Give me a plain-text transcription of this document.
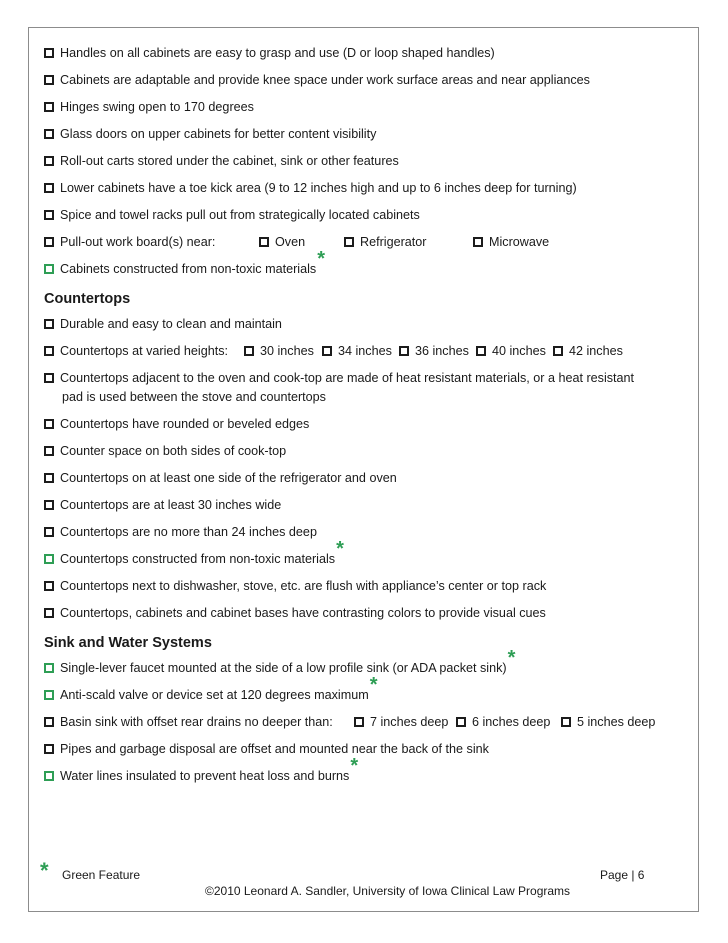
Handles on all cabinets are easy to grasp and use (D or loop shaped handles)
Cabinets are adaptable and provide knee space under work surface areas and near appliances
Hinges swing open to 170 degrees
Glass doors on upper cabinets for better content visibility
Roll-out carts stored under the cabinet, sink or other features
Lower cabinets have a toe kick area (9 to 12 inches high and up to 6 inches deep for turning)
Spice and towel racks pull out from strategically located cabinets
Pull-out work board(s) near:	Oven	Refrigerator	Microwave
Cabinets constructed from non-toxic materials*
Countertops
Durable and easy to clean and maintain
Countertops at varied heights:	30 inches	34 inches	36 inches	40 inches	42 inches
Countertops adjacent to the oven and cook-top are made of heat resistant materials, or a heat resistant
pad is used between the stove and countertops
Countertops have rounded or beveled edges
Counter space on both sides of cook-top
Countertops on at least one side of the refrigerator and oven
Countertops are at least 30 inches wide
Countertops are no more than 24 inches deep
Countertops constructed from non-toxic materials*
Countertops next to dishwasher, stove, etc. are flush with appliance’s center or top rack
Countertops, cabinets and cabinet bases have contrasting colors to provide visual cues
Sink and Water Systems
Single-lever faucet mounted at the side of a low profile sink (or ADA packet sink)*
Anti-scald valve or device set at 120 degrees maximum*
Basin sink with offset rear drains no deeper than:	7 inches deep	6 inches deep	5 inches deep
Pipes and garbage disposal are offset and mounted near the back of the sink
Water lines insulated to prevent heat loss and burns*
* Green Feature	Page | 6
©2010 Leonard A. Sandler, University of Iowa Clinical Law Programs
